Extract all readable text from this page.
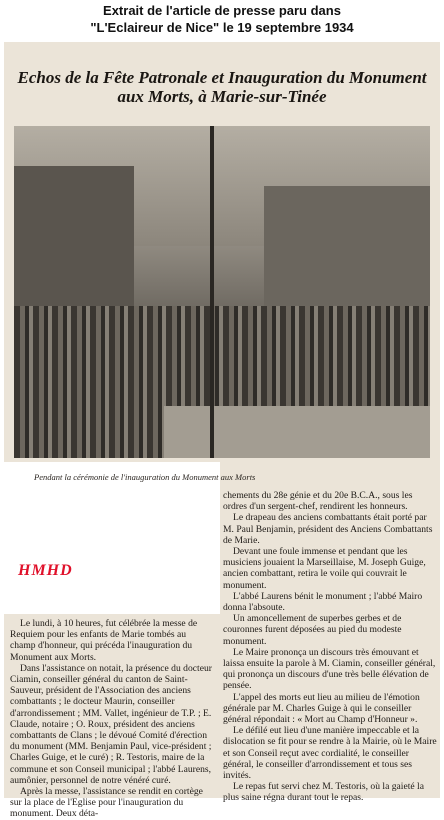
Extrait de l'article de presse paru dans
"L'Eclaireur de Nice" le 19 septembre 1934
Echos de la Fête Patronale et Inauguration du Monument aux Morts, à Marie-sur-Tinée
Pendant la cérémonie de l'inauguration du Monument aux Morts

chements du 28e génie et du 20e B.C.A., sous les ordres d'un sergent-chef, rendirent les honneurs.

Le drapeau des anciens combattants était porté par M. Paul Benjamin, président des Anciens Combattants de Marie.

Devant une foule immense et pendant que les musiciens jouaient la Marseillaise, M. Joseph Guige, ancien combattant, retira le voile qui couvrait le monument.

L'abbé Laurens bénit le monument ; l'abbé Mairo donna l'absoute.

Un amoncellement de superbes gerbes et de couronnes furent déposées au pied du modeste monument.

Le Maire prononça un discours très émouvant et laissa ensuite la parole à M. Ciamin, conseiller général, qui prononça un discours d'une très belle élévation de pensée.

L'appel des morts eut lieu au milieu de l'émotion générale par M. Charles Guige à qui le conseiller général répondait : « Mort au Champ d'Honneur ».

Le défilé eut lieu d'une manière impeccable et la dislocation se fit pour se rendre à la Mairie, où le Maire et son Conseil reçut avec cordialité, le conseiller général, le conseiller d'arrondissement et tous ses invités.

Le repas fut servi chez M. Testoris, où la gaieté la plus saine régna durant tout le repas.

HMHD

Le lundi, à 10 heures, fut célébrée la messe de Requiem pour les enfants de Marie tombés au champ d'honneur, qui précéda l'inauguration du Monument aux Morts.

Dans l'assistance on notait, la présence du docteur Ciamin, conseiller général du canton de Saint-Sauveur, président de l'Association des anciens combattants ; le docteur Maurin, conseiller d'arrondissement ; MM. Vallet, ingénieur de T.P. ; E. Claude, notaire ; O. Roux, président des anciens combattants de Clans ; le dévoué Comité d'érection du monument (MM. Benjamin Paul, vice-président ; Charles Guige, et le curé) ; R. Testoris, maire de la commune et son Conseil municipal ; l'abbé Laurens, aumônier, personnel de notre vénéré curé.

Après la messe, l'assistance se rendit en cortège sur la place de l'Eglise pour l'inauguration du monument. Deux déta-
